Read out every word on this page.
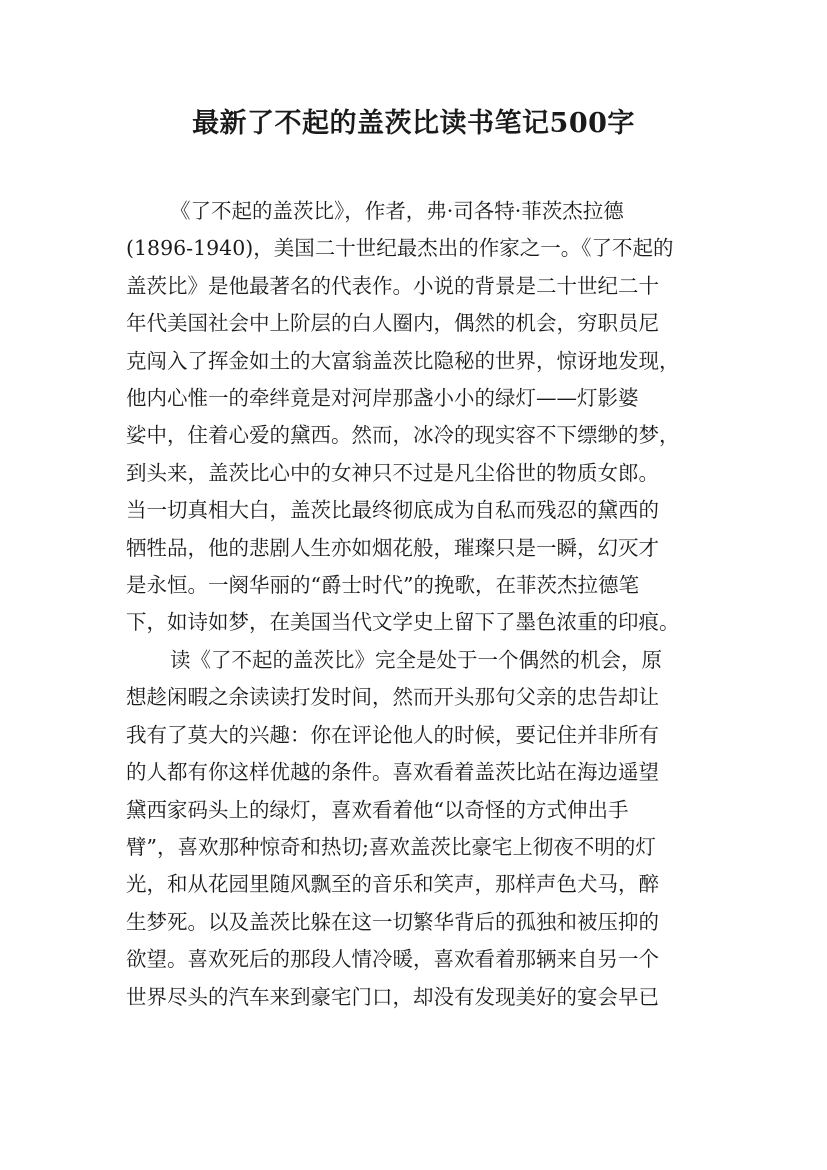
最新了不起的盖茨比读书笔记500字
《了不起的盖茨比》，作者，弗·司各特·菲茨杰拉德
(1896-1940)，美国二十世纪最杰出的作家之一。《了不起的
盖茨比》是他最著名的代表作。小说的背景是二十世纪二十
年代美国社会中上阶层的白人圈内，偶然的机会，穷职员尼
克闯入了挥金如土的大富翁盖茨比隐秘的世界，惊讶地发现，
他内心惟一的牵绊竟是对河岸那盏小小的绿灯——灯影婆
娑中，住着心爱的黛西。然而，冰冷的现实容不下缥缈的梦，
到头来，盖茨比心中的女神只不过是凡尘俗世的物质女郎。
当一切真相大白，盖茨比最终彻底成为自私而残忍的黛西的
牺牲品，他的悲剧人生亦如烟花般，璀璨只是一瞬，幻灭才
是永恒。一阕华丽的“爵士时代”的挽歌，在菲茨杰拉德笔
下，如诗如梦，在美国当代文学史上留下了墨色浓重的印痕。
读《了不起的盖茨比》完全是处于一个偶然的机会，原
想趁闲暇之余读读打发时间，然而开头那句父亲的忠告却让
我有了莫大的兴趣：你在评论他人的时候，要记住并非所有
的人都有你这样优越的条件。喜欢看着盖茨比站在海边遥望
黛西家码头上的绿灯，喜欢看着他“以奇怪的方式伸出手
臂”，喜欢那种惊奇和热切;喜欢盖茨比豪宅上彻夜不明的灯
光，和从花园里随风飘至的音乐和笑声，那样声色犬马，醉
生梦死。以及盖茨比躲在这一切繁华背后的孤独和被压抑的
欲望。喜欢死后的那段人情冷暖，喜欢看着那辆来自另一个
世界尽头的汽车来到豪宅门口，却没有发现美好的宴会早已
